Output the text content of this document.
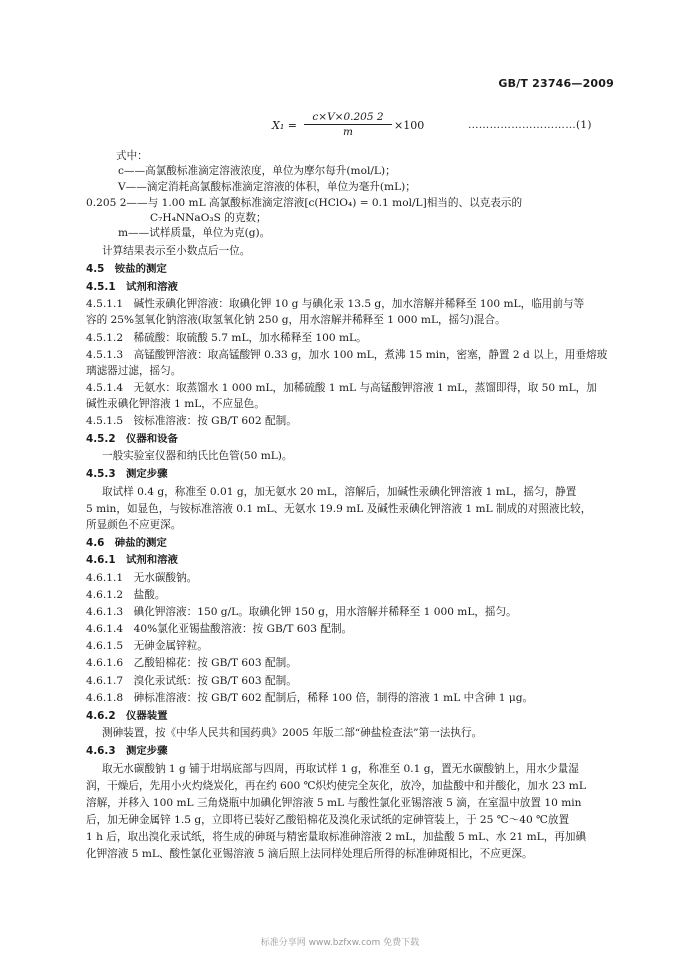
GB/T 23746—2009
$X_1 = \frac{c\times V\times 0.205 2}{m} \times 100$	…………………………(1)
式中：
c——高氯酸标准滴定溶液浓度，单位为摩尔每升(mol/L)；
V——滴定消耗高氯酸标准滴定溶液的体积，单位为毫升(mL)；
0.205 2——与 1.00 mL 高氯酸标准滴定溶液[c(HClO₄) = 0.1 mol/L]相当的、以克表示的
C₇H₄NNaO₃S 的克数；
m——试样质量，单位为克(g)。
计算结果表示至小数点后一位。
4.5　铵盐的测定
4.5.1　试剂和溶液
4.5.1.1　碱性汞碘化钾溶液：取碘化钾 10 g 与碘化汞 13.5 g，加水溶解并稀释至 100 mL，临用前与等
容的 25%氢氧化钠溶液(取氢氧化钠 250 g，用水溶解并稀释至 1 000 mL，摇匀)混合。
4.5.1.2　稀硫酸：取硫酸 5.7 mL，加水稀释至 100 mL。
4.5.1.3　高锰酸钾溶液：取高锰酸钾 0.33 g，加水 100 mL，煮沸 15 min，密塞，静置 2 d 以上，用垂熔玻
璃滤器过滤，摇匀。
4.5.1.4　无氨水：取蒸馏水 1 000 mL，加稀硫酸 1 mL 与高锰酸钾溶液 1 mL，蒸馏即得，取 50 mL，加
碱性汞碘化钾溶液 1 mL，不应显色。
4.5.1.5　铵标准溶液：按 GB/T 602 配制。
4.5.2　仪器和设备
一般实验室仪器和纳氏比色管(50 mL)。
4.5.3　测定步骤
取试样 0.4 g，称准至 0.01 g，加无氨水 20 mL，溶解后，加碱性汞碘化钾溶液 1 mL，摇匀，静置
5 min，如显色，与铵标准溶液 0.1 mL、无氨水 19.9 mL 及碱性汞碘化钾溶液 1 mL 制成的对照液比较，
所显颜色不应更深。
4.6　砷盐的测定
4.6.1　试剂和溶液
4.6.1.1　无水碳酸钠。
4.6.1.2　盐酸。
4.6.1.3　碘化钾溶液：150 g/L。取碘化钾 150 g，用水溶解并稀释至 1 000 mL，摇匀。
4.6.1.4　40%氯化亚锡盐酸溶液：按 GB/T 603 配制。
4.6.1.5　无砷金属锌粒。
4.6.1.6　乙酸铅棉花：按 GB/T 603 配制。
4.6.1.7　溴化汞试纸：按 GB/T 603 配制。
4.6.1.8　砷标准溶液：按 GB/T 602 配制后，稀释 100 倍，制得的溶液 1 mL 中含砷 1 μg。
4.6.2　仪器装置
测砷装置，按《中华人民共和国药典》2005 年版二部“砷盐检查法”第一法执行。
4.6.3　测定步骤
取无水碳酸钠 1 g 铺于坩埚底部与四周，再取试样 1 g，称准至 0.1 g，置无水碳酸钠上，用水少量湿
润，干燥后，先用小火灼烧炭化，再在约 600 ℃炽灼使完全灰化，放冷，加盐酸中和并酸化，加水 23 mL
溶解，并移入 100 mL 三角烧瓶中加碘化钾溶液 5 mL 与酸性氯化亚锡溶液 5 滴，在室温中放置 10 min
后，加无砷金属锌 1.5 g，立即将已装好乙酸铅棉花及溴化汞试纸的定砷管装上，于 25 ℃～40 ℃放置
1 h 后，取出溴化汞试纸，将生成的砷斑与精密量取标准砷溶液 2 mL，加盐酸 5 mL、水 21 mL，再加碘
化钾溶液 5 mL、酸性氯化亚锡溶液 5 滴后照上法同样处理后所得的标准砷斑相比，不应更深。
标准分享网 www.bzfxw.com 免费下载
